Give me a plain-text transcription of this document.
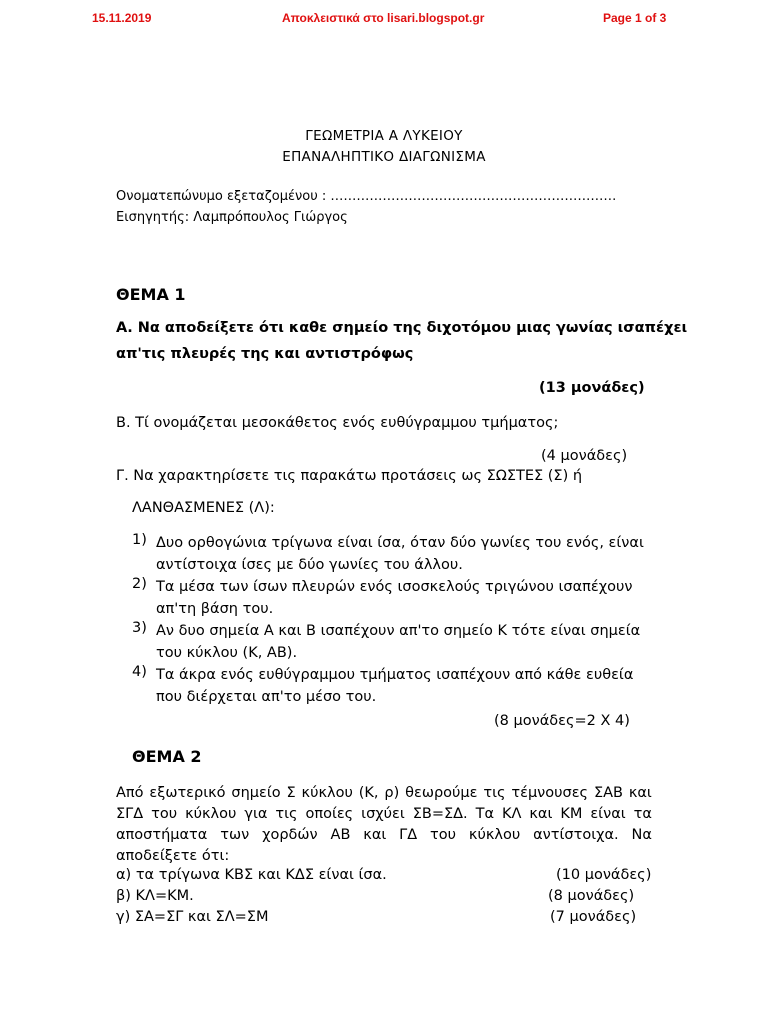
15.11.2019	Αποκλειστικά στο lisari.blogspot.gr	Page 1 of 3
ΓΕΩΜΕΤΡΙΑ Α ΛΥΚΕΙΟΥ
ΕΠΑΝΑΛΗΠΤΙΚΟ ΔΙΑΓΩΝΙΣΜΑ
Ονοματεπώνυμο εξεταζομένου : …………………………………………………………
Εισηγητής: Λαμπρόπουλος Γιώργος
ΘΕΜΑ 1
Α. Να αποδείξετε ότι καθε σημείο της διχοτόμου μιας γωνίας ισαπέχει
απ'τις πλευρές της και αντιστρόφως
(13 μονάδες)
Β. Τί ονομάζεται μεσοκάθετος ενός ευθύγραμμου τμήματος;
(4 μονάδες)
Γ. Να χαρακτηρίσετε τις παρακάτω προτάσεις ως ΣΩΣΤΕΣ (Σ) ή
ΛΑΝΘΑΣΜΕΝΕΣ (Λ):
1) Δυο ορθογώνια τρίγωνα είναι ίσα, όταν δύο γωνίες του ενός, είναι
αντίστοιχα ίσες με δύο γωνίες του άλλου.
2) Τα μέσα των ίσων πλευρών ενός ισοσκελούς τριγώνου ισαπέχουν
απ'τη βάση του.
3) Αν δυο σημεία Α και Β ισαπέχουν απ'το σημείο Κ τότε είναι σημεία
του κύκλου (Κ, ΑΒ).
4) Τα άκρα ενός ευθύγραμμου τμήματος ισαπέχουν από κάθε ευθεία
που διέρχεται απ'το μέσο του.
(8 μονάδες=2 Χ 4)
ΘΕΜΑ 2
Από εξωτερικό σημείο Σ κύκλου (Κ, ρ) θεωρούμε τις τέμνουσες ΣΑΒ και
ΣΓΔ του κύκλου για τις οποίες ισχύει ΣΒ=ΣΔ. Τα ΚΛ και ΚΜ είναι τα
αποστήματα των χορδών ΑΒ και ΓΔ του κύκλου αντίστοιχα. Να
αποδείξετε ότι:
α) τα τρίγωνα ΚΒΣ και ΚΔΣ είναι ίσα.	(10 μονάδες)
β) ΚΛ=ΚΜ.	(8 μονάδες)
γ) ΣΑ=ΣΓ και ΣΛ=ΣΜ	(7 μονάδες)
